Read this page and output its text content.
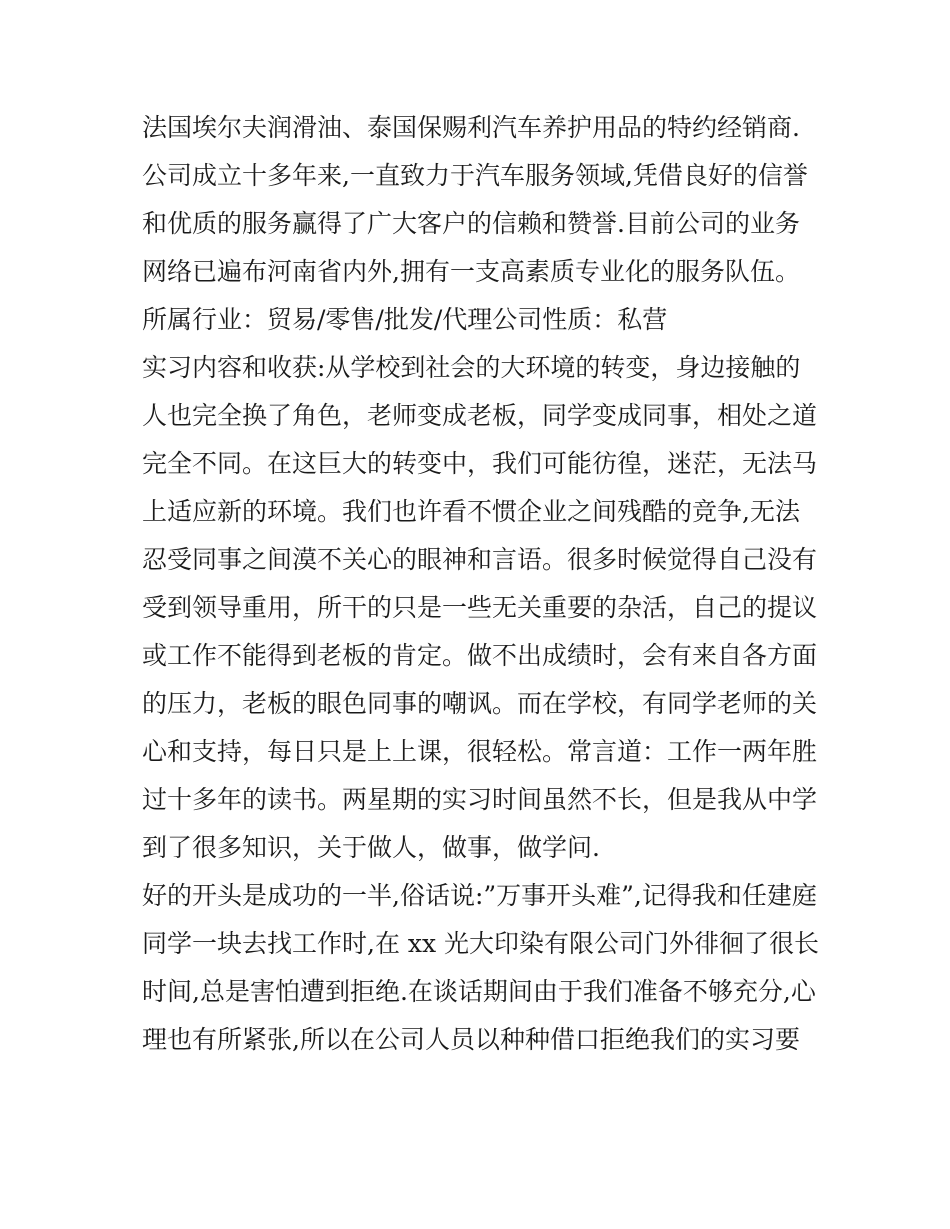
法国埃尔夫润滑油、泰国保赐利汽车养护用品的特约经销商.
公司成立十多年来,一直致力于汽车服务领域,凭借良好的信誉
和优质的服务赢得了广大客户的信赖和赞誉.目前公司的业务
网络已遍布河南省内外,拥有一支高素质专业化的服务队伍。
所属行业：贸易/零售/批发/代理公司性质：私营
实习内容和收获:从学校到社会的大环境的转变，身边接触的
人也完全换了角色，老师变成老板，同学变成同事，相处之道
完全不同。在这巨大的转变中，我们可能彷徨，迷茫，无法马
上适应新的环境。我们也许看不惯企业之间残酷的竞争,无法
忍受同事之间漠不关心的眼神和言语。很多时候觉得自己没有
受到领导重用，所干的只是一些无关重要的杂活，自己的提议
或工作不能得到老板的肯定。做不出成绩时，会有来自各方面
的压力，老板的眼色同事的嘲讽。而在学校，有同学老师的关
心和支持，每日只是上上课，很轻松。常言道：工作一两年胜
过十多年的读书。两星期的实习时间虽然不长，但是我从中学
到了很多知识，关于做人，做事，做学问.
好的开头是成功的一半,俗话说:”万事开头难”,记得我和任建庭
同学一块去找工作时,在 xx 光大印染有限公司门外徘徊了很长
时间,总是害怕遭到拒绝.在谈话期间由于我们准备不够充分,心
理也有所紧张,所以在公司人员以种种借口拒绝我们的实习要
